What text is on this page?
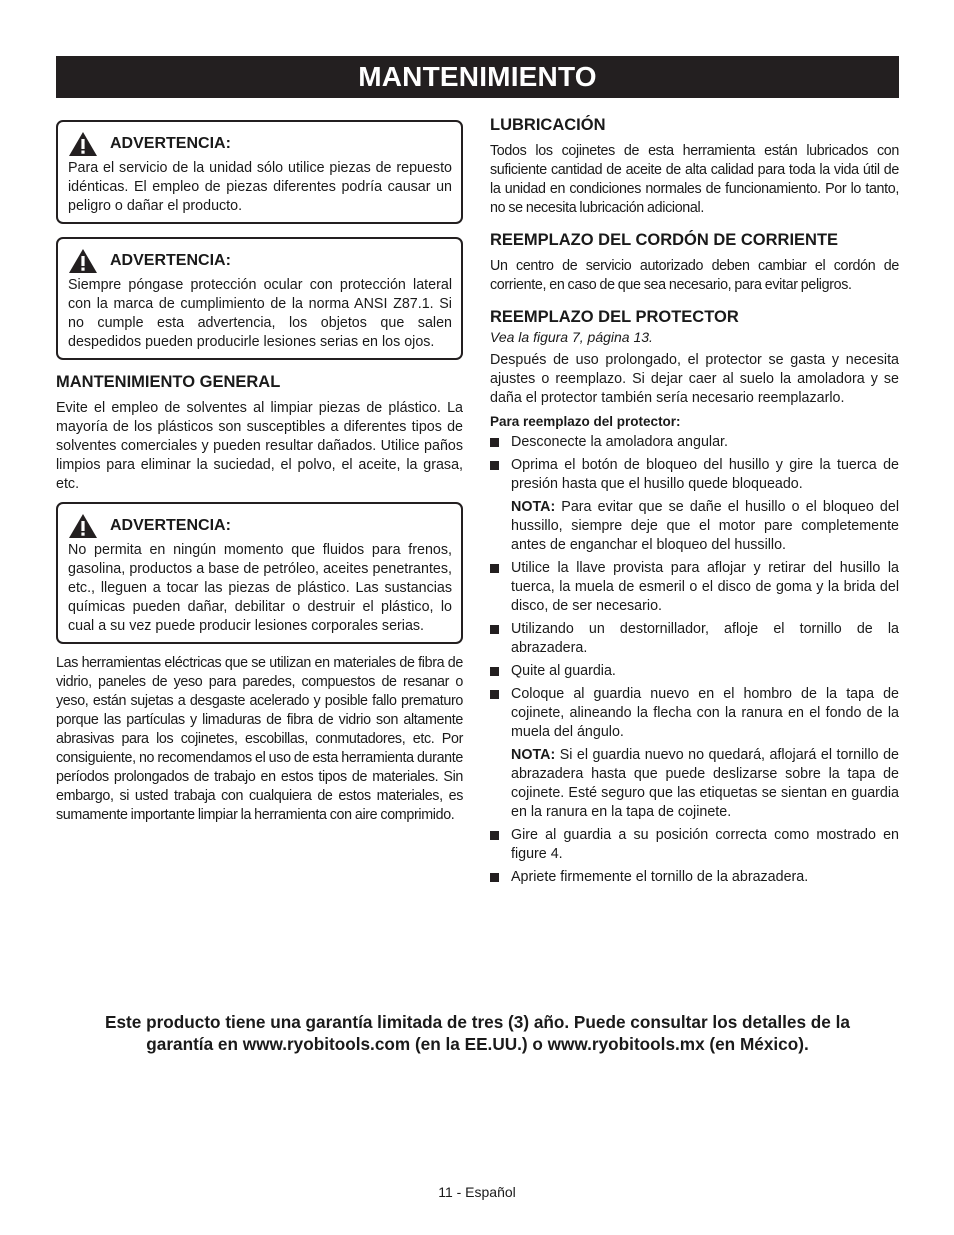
MANTENIMIENTO
ADVERTENCIA:

Para el servicio de la unidad sólo utilice piezas de repuesto idénticas. El empleo de piezas diferentes podría causar un peligro o dañar el producto.

ADVERTENCIA:

Siempre póngase protección ocular con protección lateral con la marca de cumplimiento de la norma ANSI Z87.1. Si no cumple esta advertencia, los objetos que salen despedidos pueden producirle lesiones serias en los ojos.

MANTENIMIENTO GENERAL

Evite el empleo de solventes al limpiar piezas de plástico. La mayoría de los plásticos son susceptibles a diferentes tipos de solventes comerciales y pueden resultar dañados. Utilice paños limpios para eliminar la suciedad, el polvo, el aceite, la grasa, etc.

ADVERTENCIA:

No permita en ningún momento que fluidos para frenos, gasolina, productos a base de petróleo, aceites penetrantes, etc., lleguen a tocar las piezas de plástico. Las sustancias químicas pueden dañar, debilitar o destruir el plástico, lo cual a su vez puede producir lesiones corporales serias.

Las herramientas eléctricas que se utilizan en materiales de fibra de vidrio, paneles de yeso para paredes, compuestos de resanar o yeso, están sujetas a desgaste acelerado y posible fallo prematuro porque las partículas y limaduras de fibra de vidrio son altamente abrasivas para los cojinetes, escobillas, conmutadores, etc. Por consiguiente, no recomendamos el uso de esta herramienta durante períodos prolongados de trabajo en estos tipos de materiales. Sin embargo, si usted trabaja con cualquiera de estos materiales, es sumamente importante limpiar la herramienta con aire comprimido.

LUBRICACIÓN

Todos los cojinetes de esta herramienta están lubricados con suficiente cantidad de aceite de alta calidad para toda la vida útil de la unidad en condiciones normales de funcionamiento. Por lo tanto, no se necesita lubricación adicional.

REEMPLAZO DEL CORDÓN DE CORRIENTE

Un centro de servicio autorizado deben cambiar el cordón de corriente, en caso de que sea necesario, para evitar peligros.

REEMPLAZO DEL PROTECTOR

Vea la figura 7, página 13.

Después de uso prolongado, el protector se gasta y necesita ajustes o reemplazo. Si dejar caer al suelo la amoladora y se daña el protector también sería necesario reemplazarlo.

Para reemplazo del protector:

Desconecte la amoladora angular.
Oprima el botón de bloqueo del husillo y gire la tuerca de presión hasta que el husillo quede bloqueado.

NOTA: Para evitar que se dañe el husillo o el bloqueo del hussillo, siempre deje que el motor pare completemente antes de enganchar el bloqueo del hussillo.

Utilice la llave provista para aflojar y retirar del husillo la tuerca, la muela de esmeril o el disco de goma y la brida del disco, de ser necesario.
Utilizando un destornillador, afloje el tornillo de la abrazadera.
Quite al guardia.
Coloque al guardia nuevo en el hombro de la tapa de cojinete, alineando la flecha con la ranura en el fondo de la muela del ángulo.

NOTA: Si el guardia nuevo no quedará, aflojará el tornillo de abrazadera hasta que puede deslizarse sobre la tapa de cojinete. Esté seguro que las etiquetas se sientan en guardia en la ranura en la tapa de cojinete.

Gire al guardia a su posición correcta como mostrado en figure 4.
Apriete firmemente el tornillo de la abrazadera.
Este producto tiene una garantía limitada de tres (3) año. Puede consultar los detalles de la
garantía en www.ryobitools.com (en la EE.UU.) o www.ryobitools.mx (en México).
11 - Español
